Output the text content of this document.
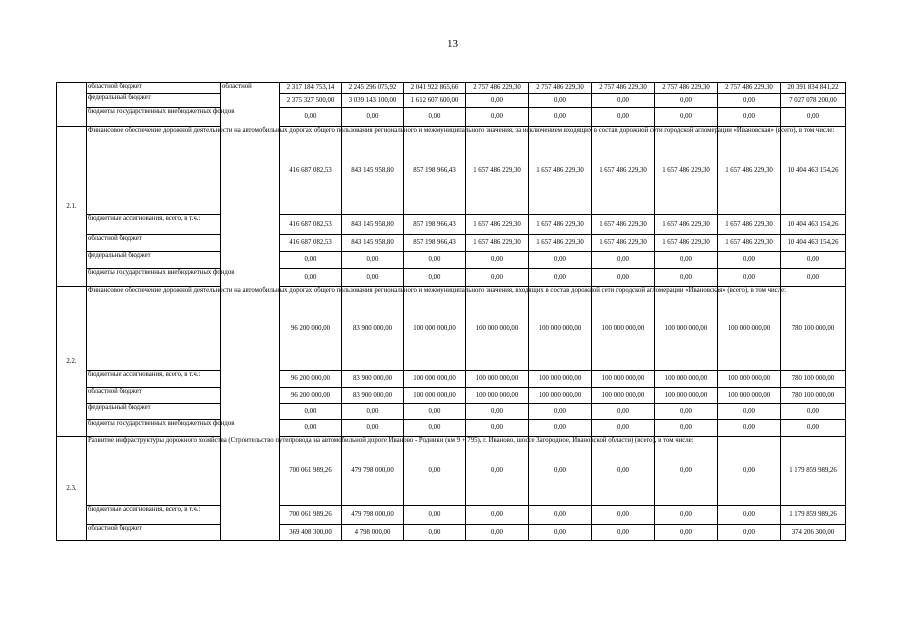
13
	областной бюджет	областной	2 317 184 753,14	2 245 296 075,92	2 041 922 865,66	2 757 486 229,30	2 757 486 229,30	2 757 486 229,30	2 757 486 229,30	2 757 486 229,30	20 391 834 841,22
	федеральный бюджет		2 375 327 500,00	3 039 143 100,00	1 612 607 600,00	0,00	0,00	0,00	0,00	0,00	7 027 078 200,00
	бюджеты государственных внебюджетных фондов		0,00	0,00	0,00	0,00	0,00	0,00	0,00	0,00	0,00
2.1.	Финансовое обеспечение дорожной деятельности на автомобильных дорогах общего пользования регионального и межмуниципального значения, за исключением входящих в состав дорожной сети городской агломерации «Ивановская» (всего), в том числе:		416 687 082,53	843 145 958,80	857 198 966,43	1 657 486 229,30	1 657 486 229,30	1 657 486 229,30	1 657 486 229,30	1 657 486 229,30	10 404 463 154,26
	бюджетные ассигнования, всего, в т.ч.:		416 687 082,53	843 145 958,80	857 198 966,43	1 657 486 229,30	1 657 486 229,30	1 657 486 229,30	1 657 486 229,30	1 657 486 229,30	10 404 463 154,26
	областной бюджет		416 687 082,53	843 145 958,80	857 198 966,43	1 657 486 229,30	1 657 486 229,30	1 657 486 229,30	1 657 486 229,30	1 657 486 229,30	10 404 463 154,26
	федеральный бюджет		0,00	0,00	0,00	0,00	0,00	0,00	0,00	0,00	0,00
	бюджеты государственных внебюджетных фондов		0,00	0,00	0,00	0,00	0,00	0,00	0,00	0,00	0,00
2.2.	Финансовое обеспечение дорожной деятельности на автомобильных дорогах общего пользования регионального и межмуниципального значения, входящих в состав дорожной сети городской агломерации «Ивановская» (всего), в том числе:		96 200 000,00	83 900 000,00	100 000 000,00	100 000 000,00	100 000 000,00	100 000 000,00	100 000 000,00	100 000 000,00	780 100 000,00
	бюджетные ассигнования, всего, в т.ч.:		96 200 000,00	83 900 000,00	100 000 000,00	100 000 000,00	100 000 000,00	100 000 000,00	100 000 000,00	100 000 000,00	780 100 000,00
	областной бюджет		96 200 000,00	83 900 000,00	100 000 000,00	100 000 000,00	100 000 000,00	100 000 000,00	100 000 000,00	100 000 000,00	780 100 000,00
	федеральный бюджет		0,00	0,00	0,00	0,00	0,00	0,00	0,00	0,00	0,00
	бюджеты государственных внебюджетных фондов		0,00	0,00	0,00	0,00	0,00	0,00	0,00	0,00	0,00
2.3.	Развитие инфраструктуры дорожного хозяйства (Строительство путепровода на автомобильной дороге Иваново - Родники (км 9 + 795), г. Иваново, шоссе Загородное, Ивановской области) (всего), в том числе:		700 061 989,26	479 798 000,00	0,00	0,00	0,00	0,00	0,00	0,00	1 179 859 989,26
	бюджетные ассигнования, всего, в т.ч.:		700 061 989,26	479 798 000,00	0,00	0,00	0,00	0,00	0,00	0,00	1 179 859 989,26
	областной бюджет		369 408 300,00	4 798 000,00	0,00	0,00	0,00	0,00	0,00	0,00	374 206 300,00
